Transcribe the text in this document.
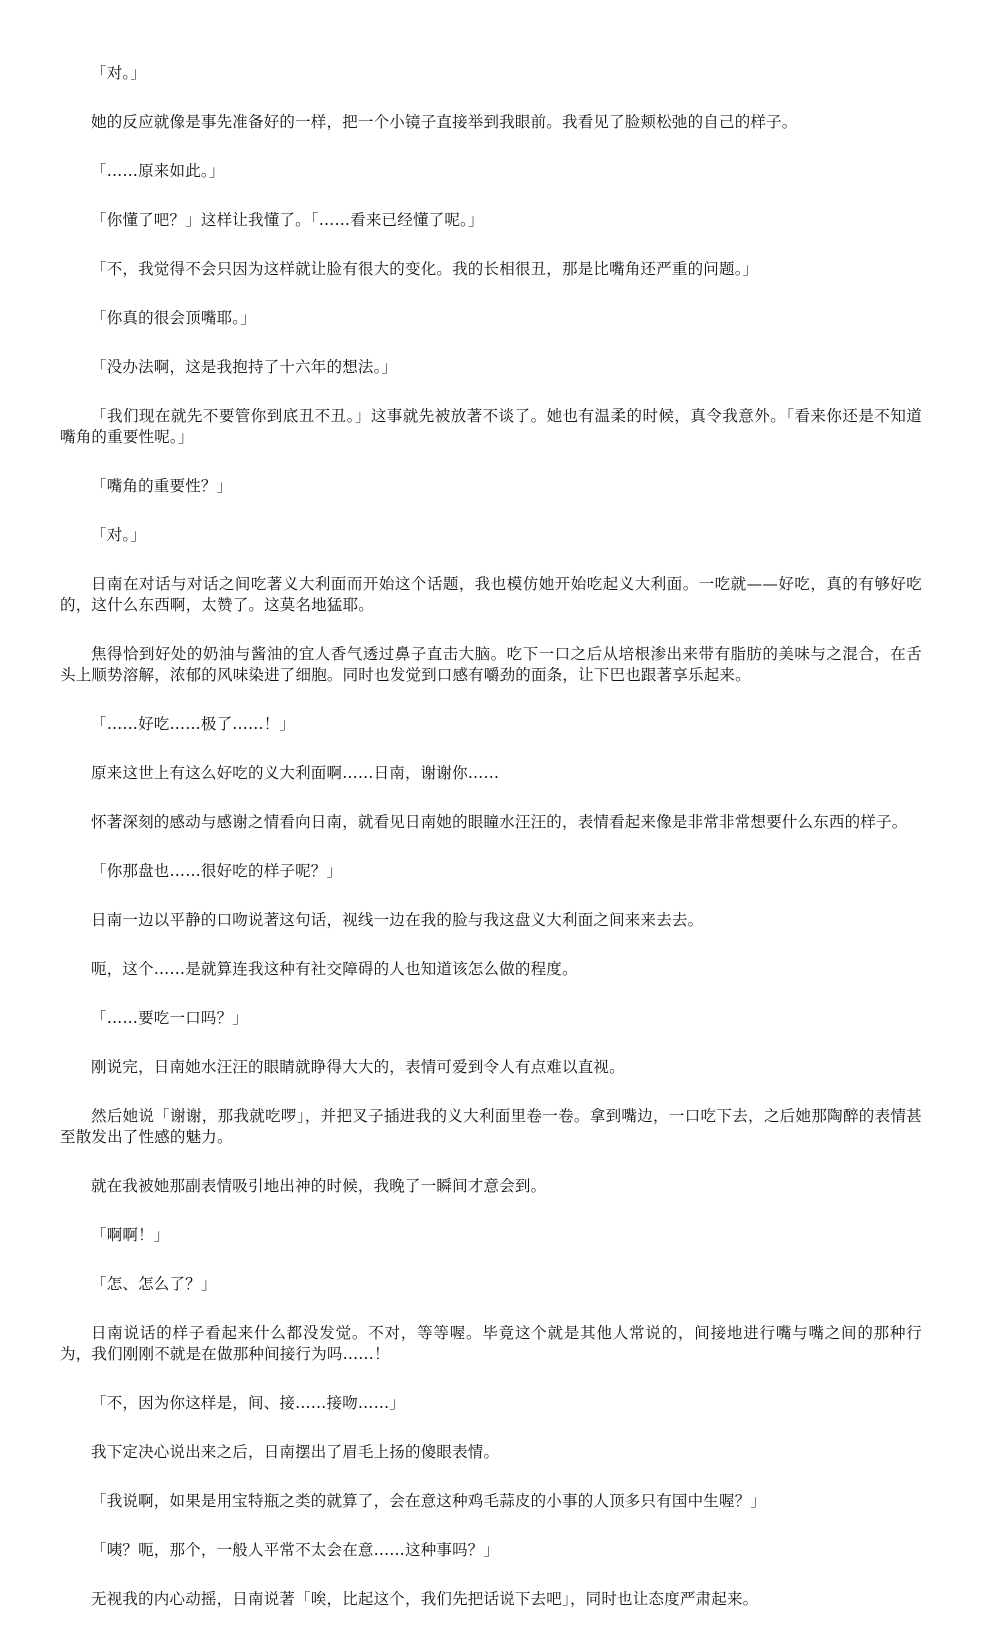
「对。」

她的反应就像是事先准备好的一样，把一个小镜子直接举到我眼前。我看见了脸颊松弛的自己的样子。

「……原来如此。」

「你懂了吧？」这样让我懂了。「……看来已经懂了呢。」

「不，我觉得不会只因为这样就让脸有很大的变化。我的长相很丑，那是比嘴角还严重的问题。」

「你真的很会顶嘴耶。」

「没办法啊，这是我抱持了十六年的想法。」

「我们现在就先不要管你到底丑不丑。」这事就先被放著不谈了。她也有温柔的时候，真令我意外。「看来你还是不知道嘴角的重要性呢。」

「嘴角的重要性？」

「对。」

日南在对话与对话之间吃著义大利面而开始这个话题，我也模仿她开始吃起义大利面。一吃就——好吃，真的有够好吃的，这什么东西啊，太赞了。这莫名地猛耶。

焦得恰到好处的奶油与酱油的宜人香气透过鼻子直击大脑。吃下一口之后从培根渗出来带有脂肪的美味与之混合，在舌头上顺势溶解，浓郁的风味染进了细胞。同时也发觉到口感有嚼劲的面条，让下巴也跟著享乐起来。

「……好吃……极了……！」

原来这世上有这么好吃的义大利面啊……日南，谢谢你……

怀著深刻的感动与感谢之情看向日南，就看见日南她的眼瞳水汪汪的，表情看起来像是非常非常想要什么东西的样子。

「你那盘也……很好吃的样子呢？」

日南一边以平静的口吻说著这句话，视线一边在我的脸与我这盘义大利面之间来来去去。

呃，这个……是就算连我这种有社交障碍的人也知道该怎么做的程度。

「……要吃一口吗？」

刚说完，日南她水汪汪的眼睛就睁得大大的，表情可爱到令人有点难以直视。

然后她说「谢谢，那我就吃啰」，并把叉子插进我的义大利面里卷一卷。拿到嘴边，一口吃下去，之后她那陶醉的表情甚至散发出了性感的魅力。

就在我被她那副表情吸引地出神的时候，我晚了一瞬间才意会到。

「啊啊！」

「怎、怎么了？」

日南说话的样子看起来什么都没发觉。不对，等等喔。毕竟这个就是其他人常说的，间接地进行嘴与嘴之间的那种行为，我们刚刚不就是在做那种间接行为吗……！

「不，因为你这样是，间、接……接吻……」

我下定决心说出来之后，日南摆出了眉毛上扬的傻眼表情。

「我说啊，如果是用宝特瓶之类的就算了，会在意这种鸡毛蒜皮的小事的人顶多只有国中生喔？」

「咦？呃，那个，一般人平常不太会在意……这种事吗？」

无视我的内心动摇，日南说著「唉，比起这个，我们先把话说下去吧」，同时也让态度严肃起来。
